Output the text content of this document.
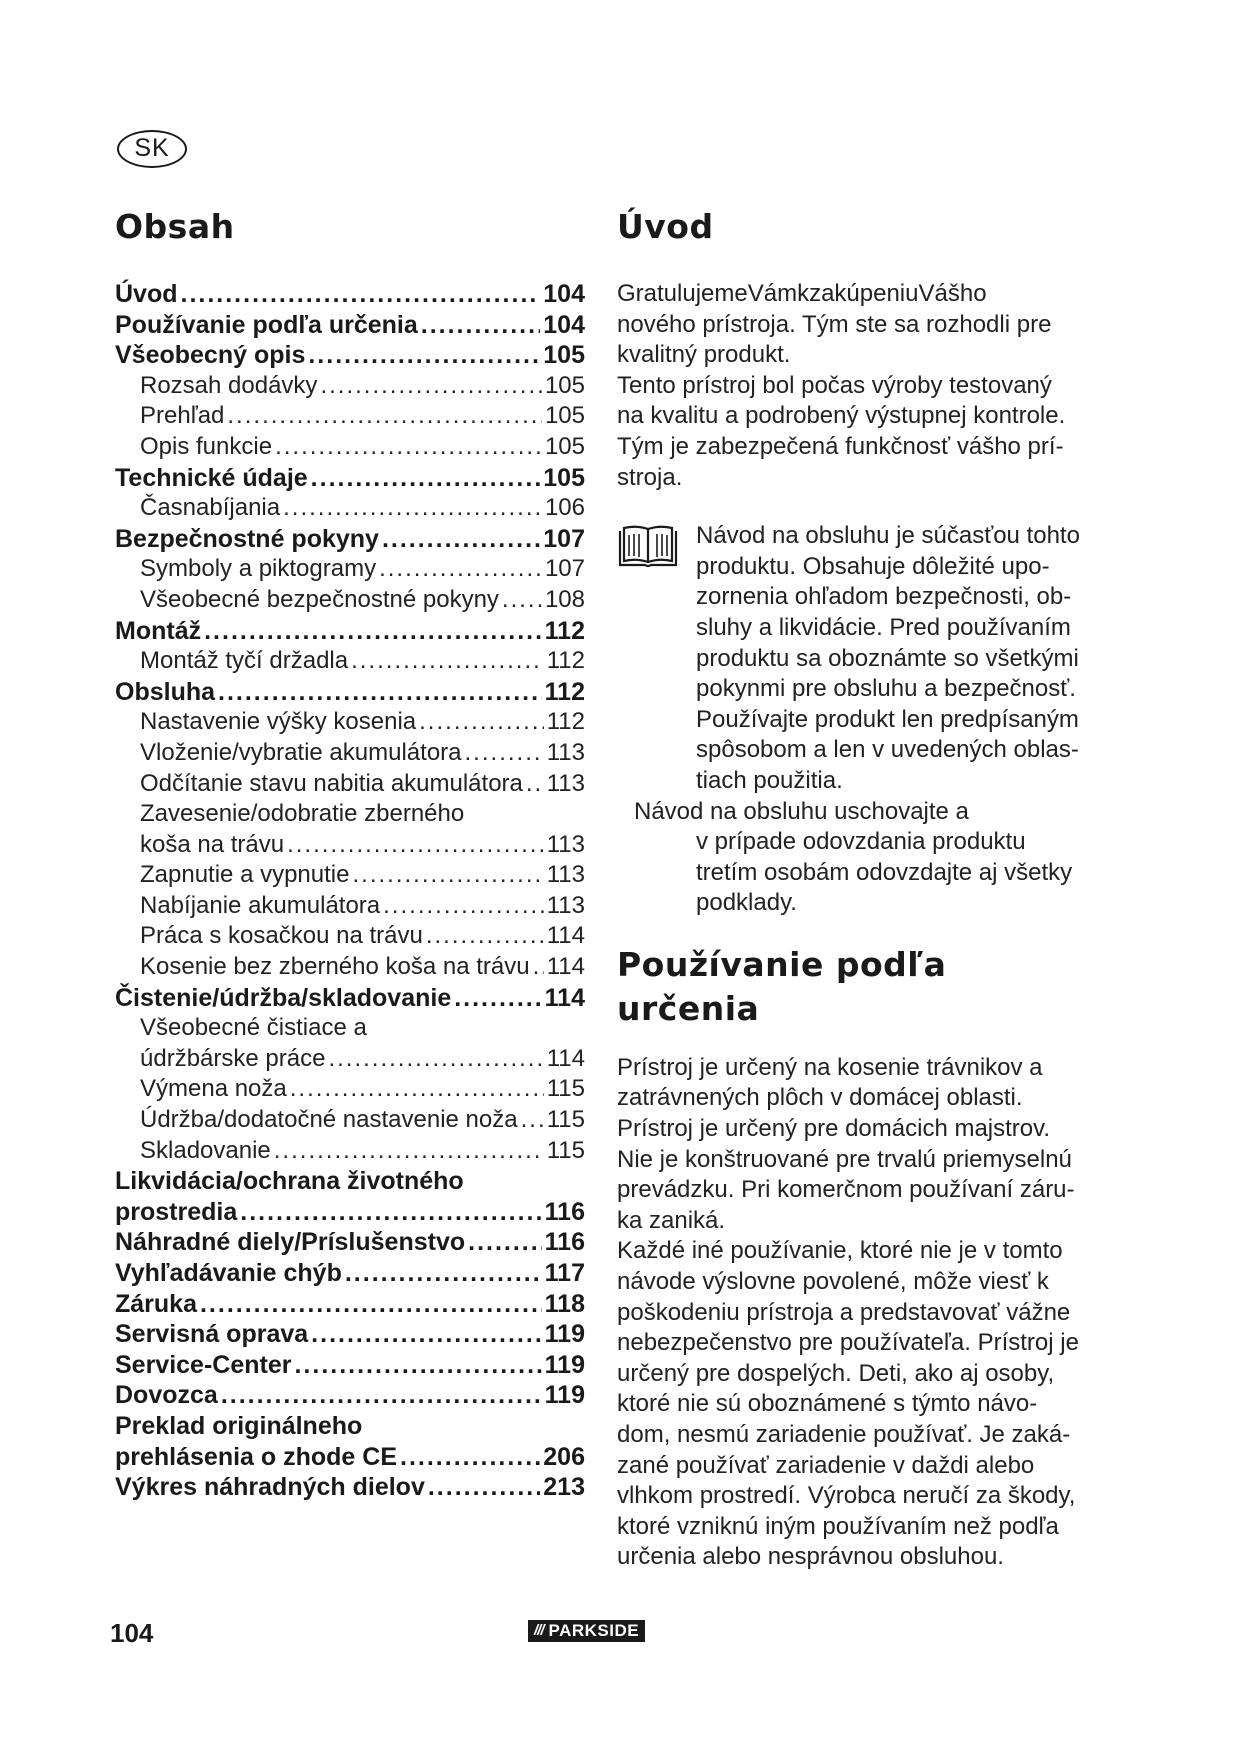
SK
Obsah
Úvod .....	104
Používanie podľa určenia .....	104
Všeobecný opis .....	105
Rozsah dodávky .....	105
Prehľad .....	105
Opis funkcie .....	105
Technické údaje .....	105
Časnabíjania .....	106
Bezpečnostné pokyny .....	107
Symboly a piktogramy .....	107
Všeobecné bezpečnostné pokyny ..... 108
Montáž .....	112
Montáž tyčí držadla .....	112
Obsluha .....	112
Nastavenie výšky kosenia .....	112
Vloženie/vybratie akumulátora .....	113
Odčítanie stavu nabitia akumulátora ..... 113
Zavesenie/odobratie zberného
koša na trávu .....	113
Zapnutie a vypnutie .....	113
Nabíjanie akumulátora .....	113
Práca s kosačkou na trávu .....	114
Kosenie bez zberného koša na trávu ..... 114
Čistenie/údržba/skladovanie .....	114
Všeobecné čistiace a
údržbárske práce .....	114
Výmena noža .....	115
Údržba/dodatočné nastavenie noža ..... 115
Skladovanie .....	115
Likvidácia/ochrana životného
prostredia .....	116
Náhradné diely/Príslušenstvo .....	116
Vyhľadávanie chýb .....	117
Záruka .....	118
Servisná oprava .....	119
Service-Center .....	119
Dovozca .....	119
Preklad originálneho
prehlásenia o zhode CE .....	206
Výkres náhradných dielov .....	213
Úvod
GratulujemeVámkzakúpeniuVášho
nového prístroja. Tým ste sa rozhodli pre
kvalitný produkt.
Tento prístroj bol počas výroby testovaný
na kvalitu a podrobený výstupnej kontrole.
Tým je zabezpečená funkčnosť vášho prí-
stroja.
Návod na obsluhu je súčasťou tohto
produktu. Obsahuje dôležité upo-
zornenia ohľadom bezpečnosti, ob-
sluhy a likvidácie. Pred používaním
produktu sa oboznámte so všetkými
pokynmi pre obsluhu a bezpečnosť.
Používajte produkt len predpísaným
spôsobom a len v uvedených oblas-
tiach použitia.
Návod na obsluhu uschovajte a
v prípade odovzdania produktu
tretím osobám odovzdajte aj všetky
podklady.
Používanie podľa
určenia
Prístroj je určený na kosenie trávnikov a
zatrávnených plôch v domácej oblasti.
Prístroj je určený pre domácich majstrov.
Nie je konštruované pre trvalú priemyselnú
prevádzku. Pri komerčnom používaní záru-
ka zaniká.
Každé iné používanie, ktoré nie je v tomto
návode výslovne povolené, môže viesť k
poškodeniu prístroja a predstavovať vážne
nebezpečenstvo pre používateľa. Prístroj je
určený pre dospelých. Deti, ako aj osoby,
ktoré nie sú oboznámené s týmto návo-
dom, nesmú zariadenie používať. Je zaká-
zané používať zariadenie v daždi alebo
vlhkom prostredí. Výrobca neručí za škody,
ktoré vzniknú iným používaním než podľa
určenia alebo nesprávnou obsluhou.
104	/// PARKSIDE
